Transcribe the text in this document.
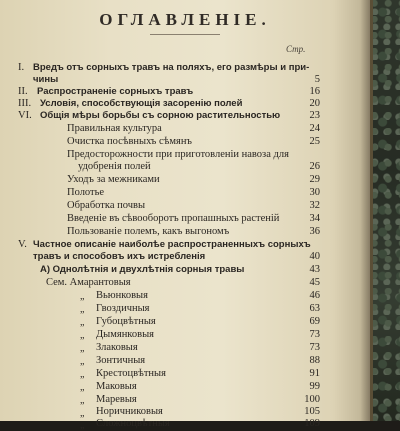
ОГЛАВЛЕНІЕ.
Стр.
I. Вредъ отъ сорныхъ травъ на поляхъ, его размѣры и при-
чины	5
II. Распространеніе сорныхъ травъ	16
III. Условія, способствующія засоренію полей	20
VI. Общія мѣры борьбы съ сорною растительностью	23
Правильная культура	24
Очистка посѣвныхъ сѣмянъ	25
Предосторожности при приготовленіи навоза для
удобренія полей	26
Уходъ за межниками	29
Полотье	30
Обработка почвы	32
Введеніе въ сѣвооборотъ пропашныхъ растеній	34
Пользованіе полемъ, какъ выгономъ	36
V. Частное описаніе наиболѣе распространенныхъ сорныхъ
травъ и способовъ ихъ истребленія	40
А) Однолѣтнія и двухлѣтнія сорныя травы	43
Сем. Амарантовыя	45
„ Вьюнковыя	46
„ Гвоздичныя	63
„ Губоцвѣтныя	69
„ Дымянковыя	73
„ Злаковыя	73
„ Зонтичныя	88
„ Крестоцвѣтныя	91
„ Маковыя	99
„ Маревыя	100
„ Норичниковыя	105
„ Сложноцвѣтныя	109
